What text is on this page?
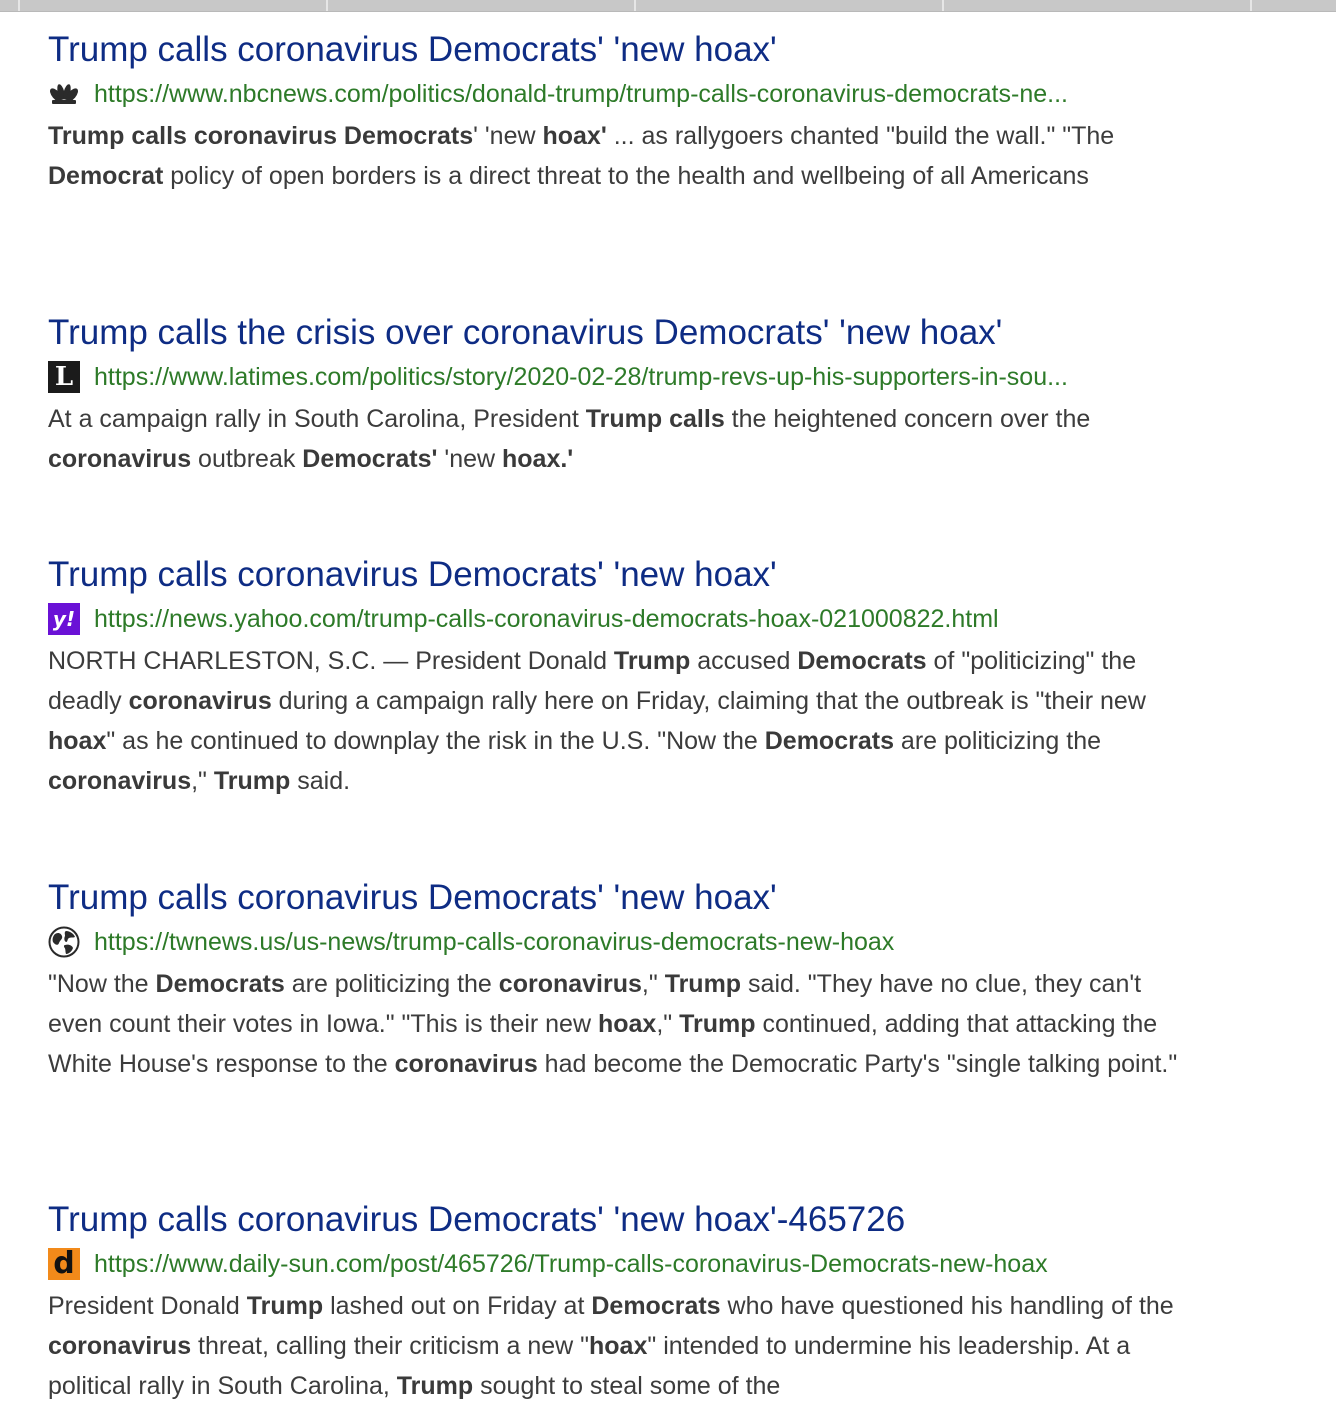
Trump calls coronavirus Democrats' 'new hoax'
https://www.nbcnews.com/politics/donald-trump/trump-calls-coronavirus-democrats-ne...
Trump calls coronavirus Democrats' 'new hoax' ... as rallygoers chanted "build the wall." "The Democrat policy of open borders is a direct threat to the health and wellbeing of all Americans
Trump calls the crisis over coronavirus Democrats' 'new hoax'
L https://www.latimes.com/politics/story/2020-02-28/trump-revs-up-his-supporters-in-sou...
At a campaign rally in South Carolina, President Trump calls the heightened concern over the coronavirus outbreak Democrats' 'new hoax.'
Trump calls coronavirus Democrats' 'new hoax'
y! https://news.yahoo.com/trump-calls-coronavirus-democrats-hoax-021000822.html
NORTH CHARLESTON, S.C. — President Donald Trump accused Democrats of "politicizing" the deadly coronavirus during a campaign rally here on Friday, claiming that the outbreak is "their new hoax" as he continued to downplay the risk in the U.S. "Now the Democrats are politicizing the coronavirus," Trump said.
Trump calls coronavirus Democrats' 'new hoax'
https://twnews.us/us-news/trump-calls-coronavirus-democrats-new-hoax
"Now the Democrats are politicizing the coronavirus," Trump said. "They have no clue, they can't even count their votes in Iowa." "This is their new hoax," Trump continued, adding that attacking the White House's response to the coronavirus had become the Democratic Party's "single talking point."
Trump calls coronavirus Democrats' 'new hoax'-465726
d https://www.daily-sun.com/post/465726/Trump-calls-coronavirus-Democrats-new-hoax
President Donald Trump lashed out on Friday at Democrats who have questioned his handling of the coronavirus threat, calling their criticism a new "hoax" intended to undermine his leadership. At a political rally in South Carolina, Trump sought to steal some of the
